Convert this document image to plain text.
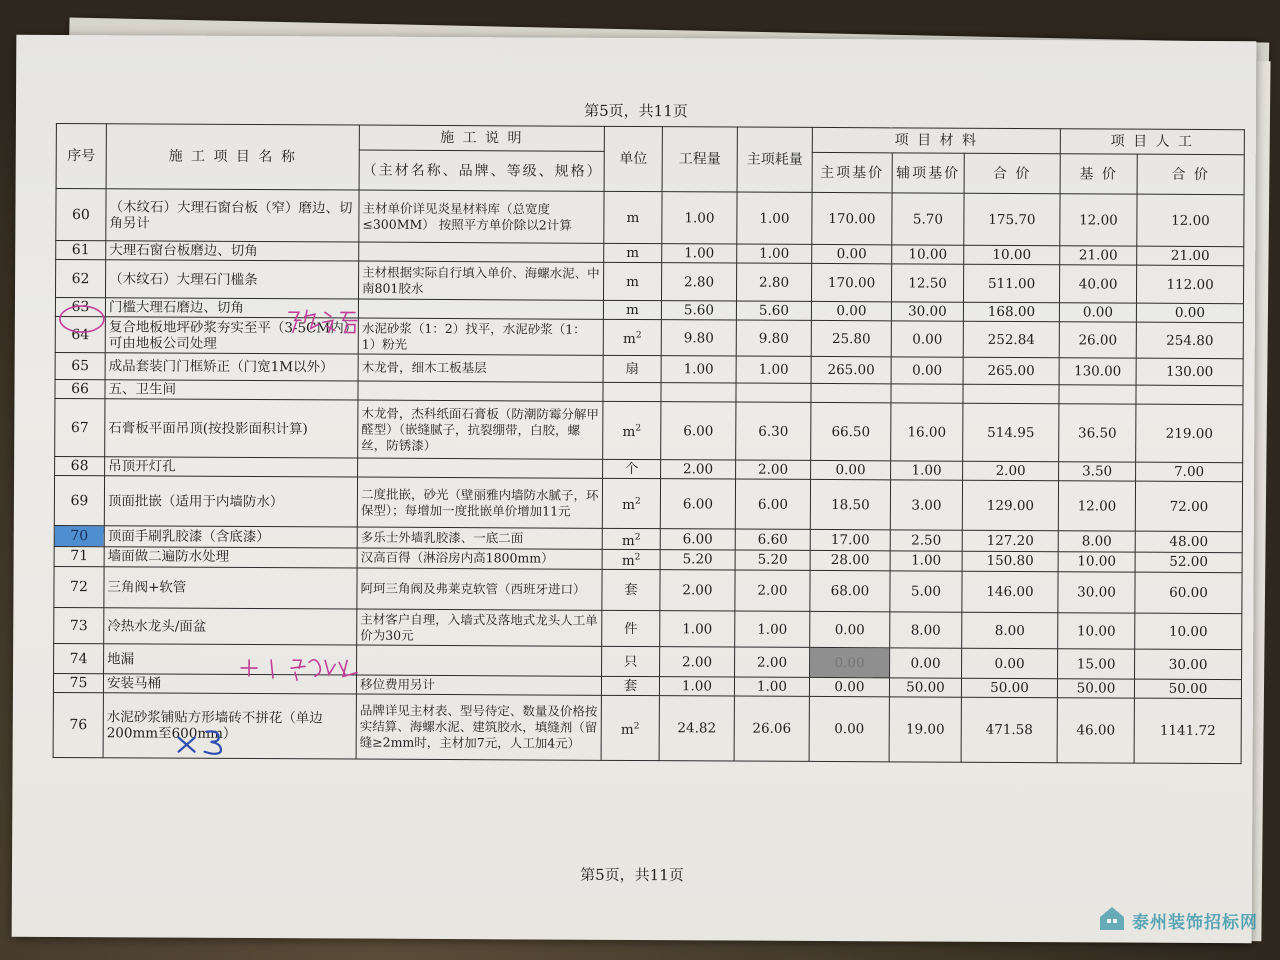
第5页，共11页
序号	施 工 项 目 名 称	施 工 说 明	单位	工程量	主项耗量	项 目 材 料			项 目 人 工	
		（主材名称、品牌、等级、规格）				主项基价	辅项基价	合 价	基 价	合 价
60	（木纹石）大理石窗台板（窄）磨边、切角另计	主材单价详见炎星材料库（总宽度≤300MM） 按照平方单价除以2计算	m	1.00	1.00	170.00	5.70	175.70	12.00	12.00
61	大理石窗台板磨边、切角		m	1.00	1.00	0.00	10.00	10.00	21.00	21.00
62	（木纹石）大理石门槛条	主材根据实际自行填入单价、海螺水泥、中南801胶水	m	2.80	2.80	170.00	12.50	511.00	40.00	112.00
63	门槛大理石磨边、切角		m	5.60	5.60	0.00	30.00	168.00	0.00	0.00
64	复合地板地坪砂浆夯实至平（3-5CM内）可由地板公司处理	水泥砂浆（1：2）找平，水泥砂浆（1：1）粉光	$m^2$	9.80	9.80	25.80	0.00	252.84	26.00	254.80
65	成品套装门门框矫正（门宽1M以外）	木龙骨，细木工板基层	扇	1.00	1.00	265.00	0.00	265.00	130.00	130.00
66	五、卫生间									
67	石膏板平面吊顶(按投影面积计算)	木龙骨，杰科纸面石膏板（防潮防霉分解甲醛型）（嵌缝腻子，抗裂绷带，白胶，螺丝，防锈漆）	$m^2$	6.00	6.30	66.50	16.00	514.95	36.50	219.00
68	吊顶开灯孔		个	2.00	2.00	0.00	1.00	2.00	3.50	7.00
69	顶面批嵌（适用于内墙防水）	二度批嵌，砂光（壁丽雅内墙防水腻子，环保型）；每增加一度批嵌单价增加11元	$m^2$	6.00	6.00	18.50	3.00	129.00	12.00	72.00
70	顶面手刷乳胶漆（含底漆）	多乐士外墙乳胶漆、一底二面	$m^2$	6.00	6.60	17.00	2.50	127.20	8.00	48.00
71	墙面做二遍防水处理	汉高百得（淋浴房内高1800mm）	$m^2$	5.20	5.20	28.00	1.00	150.80	10.00	52.00
72	三角阀+软管	阿珂三角阀及弗莱克软管（西班牙进口）	套	2.00	2.00	68.00	5.00	146.00	30.00	60.00
73	冷热水龙头/面盆	主材客户自理，入墙式及落地式龙头人工单价为30元	件	1.00	1.00	0.00	8.00	8.00	10.00	10.00
74	地漏		只	2.00	2.00	0.00	0.00	0.00	15.00	30.00
75	安装马桶	移位费用另计	套	1.00	1.00	0.00	50.00	50.00	50.00	50.00
76	水泥砂浆铺贴方形墙砖不拼花（单边200mm至600mm）	品牌详见主材表、型号待定、数量及价格按实结算、海螺水泥、建筑胶水，填缝剂（留缝≥2mm时，主材加7元，人工加4元）	$m^2$	24.82	26.06	0.00	19.00	471.58	46.00	1141.72
第5页，共11页
泰州装饰招标网
